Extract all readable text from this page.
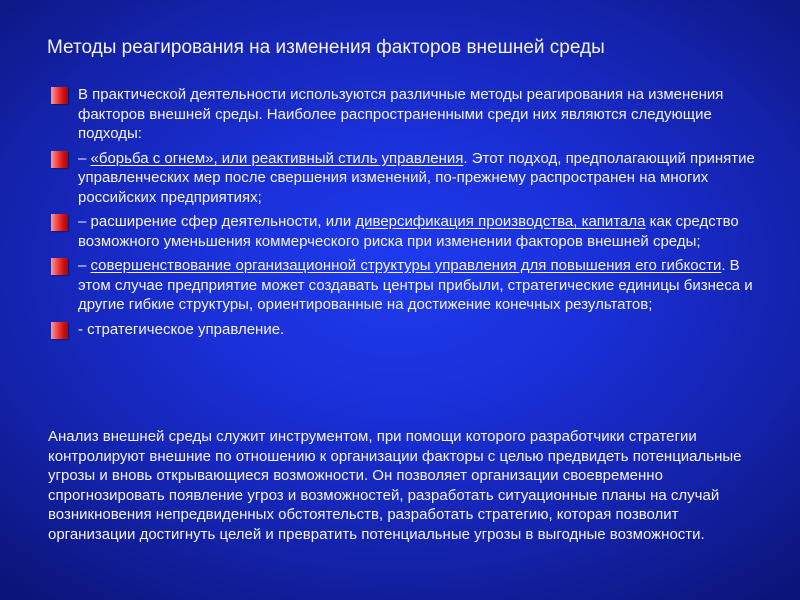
Методы реагирования на изменения факторов внешней среды
В практической деятельности используются различные методы реагирования на изменения факторов внешней среды. Наиболее распространенными среди них являются следующие подходы:
– «борьба с огнем», или реактивный стиль управления. Этот подход, предполагающий принятие управленческих мер после свершения изменений, по-прежнему распространен на многих российских предприятиях;
– расширение сфер деятельности, или диверсификация производства, капитала как средство возможного уменьшения коммерческого риска при изменении факторов внешней среды;
– совершенствование организационной структуры управления для повышения его гибкости. В этом случае предприятие может создавать центры прибыли, стратегические единицы бизнеса и другие гибкие структуры, ориентированные на достижение конечных результатов;
- стратегическое управление.

Анализ внешней среды служит инструментом, при помощи которого разработчики стратегии контролируют внешние по отношению к организации факторы с целью предвидеть потенциальные угрозы и вновь открывающиеся возможности. Он позволяет организации своевременно спрогнозировать появление угроз и возможностей, разработать ситуационные планы на случай возникновения непредвиденных обстоятельств, разработать стратегию, которая позволит организации достигнуть целей и превратить потенциальные угрозы в выгодные возможности.
